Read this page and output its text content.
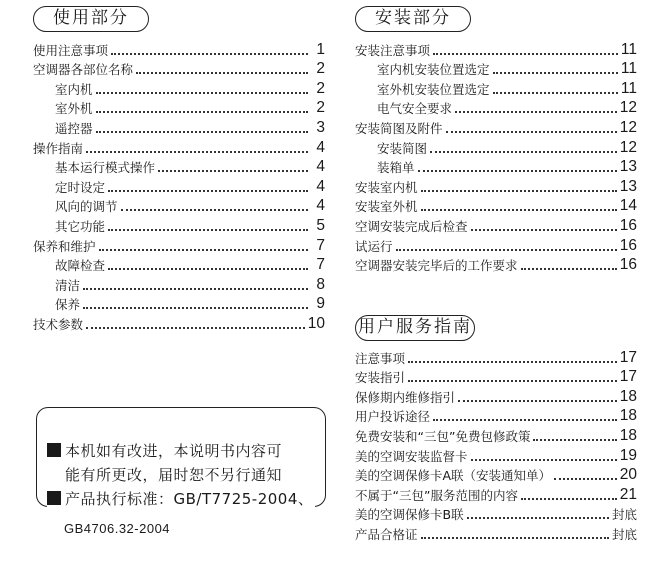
使用部分
使用注意事项	1
空调器各部位名称	2
室内机	2
室外机	2
遥控器	3
操作指南	4
基本运行模式操作	4
定时设定	4
风向的调节	4
其它功能	5
保养和维护	7
故障检查	7
清洁	8
保养	9
技术参数	10
本机如有改进，本说明书内容可
能有所更改，届时恕不另行通知
产品执行标准：GB/T7725-2004、
GB4706.32-2004
安装部分
安装注意事项	11
室内机安装位置选定	11
室外机安装位置选定	11
电气安全要求	12
安装简图及附件	12
安装简图	12
装箱单	13
安装室内机	13
安装室外机	14
空调安装完成后检查	16
试运行	16
空调器安装完毕后的工作要求	16
用户服务指南
注意事项	17
安装指引	17
保修期内维修指引	18
用户投诉途径	18
免费安装和“三包”免费包修政策	18
美的空调安装监督卡	19
美的空调保修卡A联（安装通知单）	20
不属于“三包”服务范围的内容	21
美的空调保修卡B联	封底
产品合格证	封底
